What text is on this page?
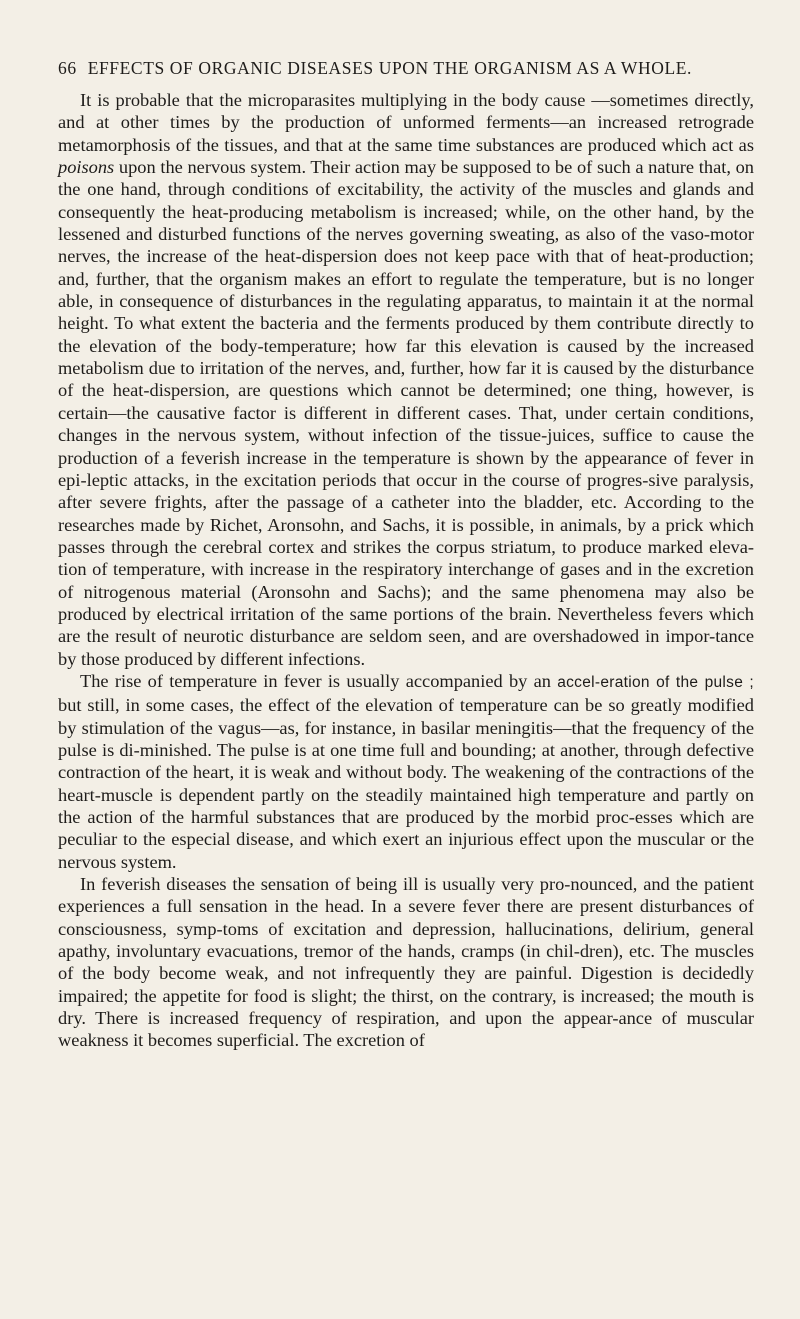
66 EFFECTS OF ORGANIC DISEASES UPON THE ORGANISM AS A WHOLE.

It is probable that the microparasites multiplying in the body cause —sometimes directly, and at other times by the production of unformed ferments—an increased retrograde metamorphosis of the tissues, and that at the same time substances are produced which act as poisons upon the nervous system. Their action may be supposed to be of such a nature that, on the one hand, through conditions of excitability, the activity of the muscles and glands and consequently the heat-producing metabolism is increased; while, on the other hand, by the lessened and disturbed functions of the nerves governing sweating, as also of the vaso-motor nerves, the increase of the heat-dispersion does not keep pace with that of heat-production; and, further, that the organism makes an effort to regulate the temperature, but is no longer able, in consequence of disturbances in the regulating apparatus, to maintain it at the normal height. To what extent the bacteria and the ferments produced by them contribute directly to the elevation of the body-temperature; how far this elevation is caused by the increased metabolism due to irritation of the nerves, and, further, how far it is caused by the disturbance of the heat-dispersion, are questions which cannot be determined; one thing, however, is certain—the causative factor is different in different cases. That, under certain conditions, changes in the nervous system, without infection of the tissue-juices, suffice to cause the production of a feverish increase in the temperature is shown by the appearance of fever in epi-leptic attacks, in the excitation periods that occur in the course of progres-sive paralysis, after severe frights, after the passage of a catheter into the bladder, etc. According to the researches made by Richet, Aronsohn, and Sachs, it is possible, in animals, by a prick which passes through the cerebral cortex and strikes the corpus striatum, to produce marked eleva-tion of temperature, with increase in the respiratory interchange of gases and in the excretion of nitrogenous material (Aronsohn and Sachs); and the same phenomena may also be produced by electrical irritation of the same portions of the brain. Nevertheless fevers which are the result of neurotic disturbance are seldom seen, and are overshadowed in impor-tance by those produced by different infections.

The rise of temperature in fever is usually accompanied by an accel-eration of the pulse ; but still, in some cases, the effect of the elevation of temperature can be so greatly modified by stimulation of the vagus—as, for instance, in basilar meningitis—that the frequency of the pulse is di-minished. The pulse is at one time full and bounding; at another, through defective contraction of the heart, it is weak and without body. The weakening of the contractions of the heart-muscle is dependent partly on the steadily maintained high temperature and partly on the action of the harmful substances that are produced by the morbid proc-esses which are peculiar to the especial disease, and which exert an injurious effect upon the muscular or the nervous system.

In feverish diseases the sensation of being ill is usually very pro-nounced, and the patient experiences a full sensation in the head. In a severe fever there are present disturbances of consciousness, symp-toms of excitation and depression, hallucinations, delirium, general apathy, involuntary evacuations, tremor of the hands, cramps (in chil-dren), etc. The muscles of the body become weak, and not infrequently they are painful. Digestion is decidedly impaired; the appetite for food is slight; the thirst, on the contrary, is increased; the mouth is dry. There is increased frequency of respiration, and upon the appear-ance of muscular weakness it becomes superficial. The excretion of
